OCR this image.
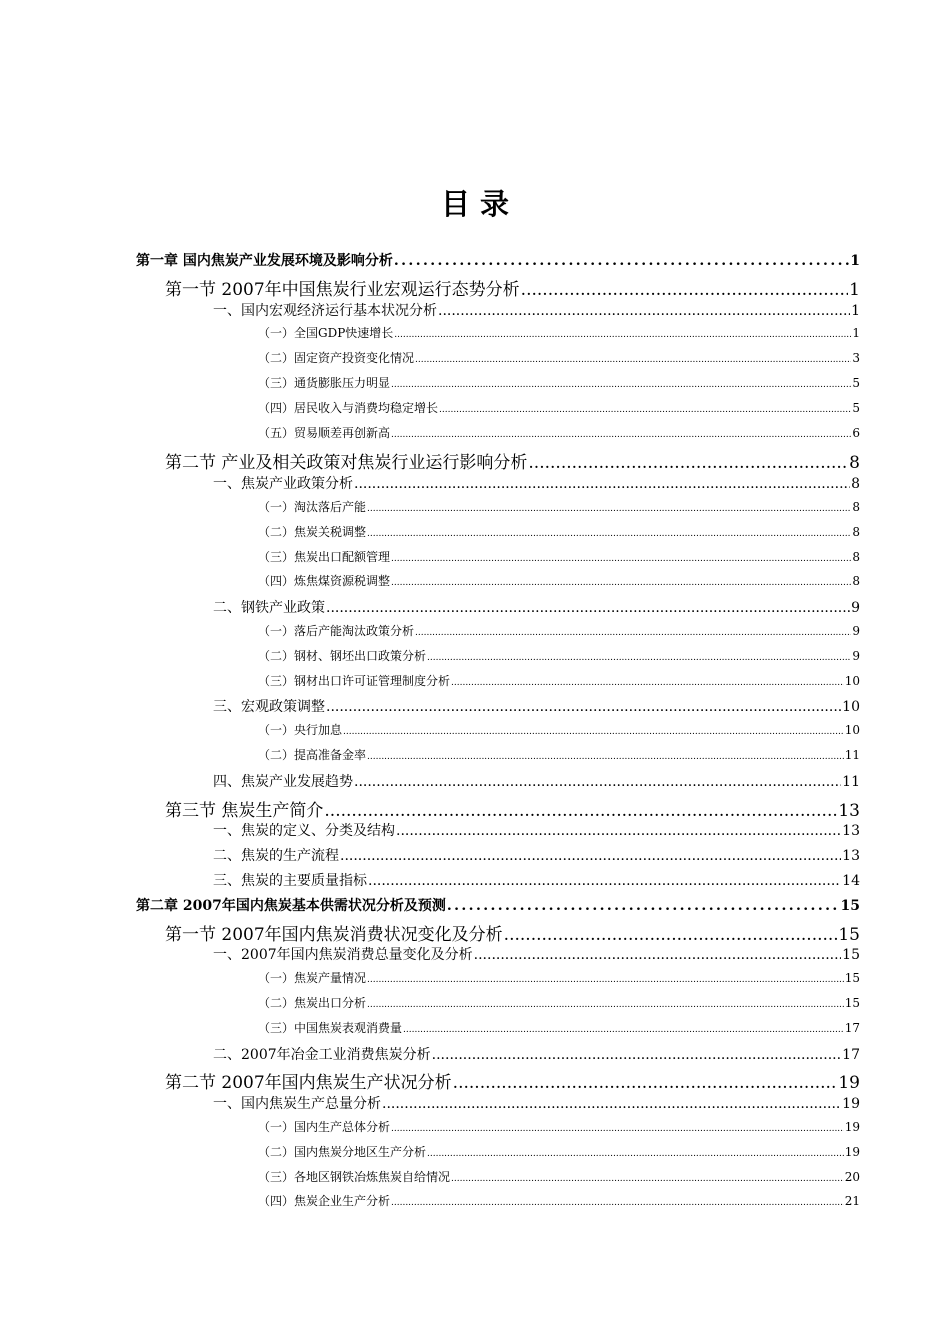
目 录
第一章 国内焦炭产业发展环境及影响分析 .....	1
第一节 2007年中国焦炭行业宏观运行态势分析 .....	1
一、国内宏观经济运行基本状况分析 .....	1
（一）全国GDP快速增长 .....	1
（二）固定资产投资变化情况 .....	3
（三）通货膨胀压力明显 .....	5
（四）居民收入与消费均稳定增长 .....	5
（五）贸易顺差再创新高 .....	6
第二节 产业及相关政策对焦炭行业运行影响分析 .....	8
一、焦炭产业政策分析 .....	8
（一）淘汰落后产能 .....	8
（二）焦炭关税调整 .....	8
（三）焦炭出口配额管理 .....	8
（四）炼焦煤资源税调整 .....	8
二、钢铁产业政策 .....	9
（一）落后产能淘汰政策分析 .....	9
（二）钢材、钢坯出口政策分析 .....	9
（三）钢材出口许可证管理制度分析 .....	10
三、宏观政策调整 .....	10
（一）央行加息 .....	10
（二）提高准备金率 .....	11
四、焦炭产业发展趋势 .....	11
第三节 焦炭生产简介 .....	13
一、焦炭的定义、分类及结构 .....	13
二、焦炭的生产流程 .....	13
三、焦炭的主要质量指标 .....	14
第二章 2007年国内焦炭基本供需状况分析及预测 .....	15
第一节 2007年国内焦炭消费状况变化及分析 .....	15
一、2007年国内焦炭消费总量变化及分析 .....	15
（一）焦炭产量情况 .....	15
（二）焦炭出口分析 .....	15
（三）中国焦炭表观消费量 .....	17
二、2007年冶金工业消费焦炭分析 .....	17
第二节 2007年国内焦炭生产状况分析 .....	19
一、国内焦炭生产总量分析 .....	19
（一）国内生产总体分析 .....	19
（二）国内焦炭分地区生产分析 .....	19
（三）各地区钢铁冶炼焦炭自给情况 .....	20
（四）焦炭企业生产分析 .....	21
